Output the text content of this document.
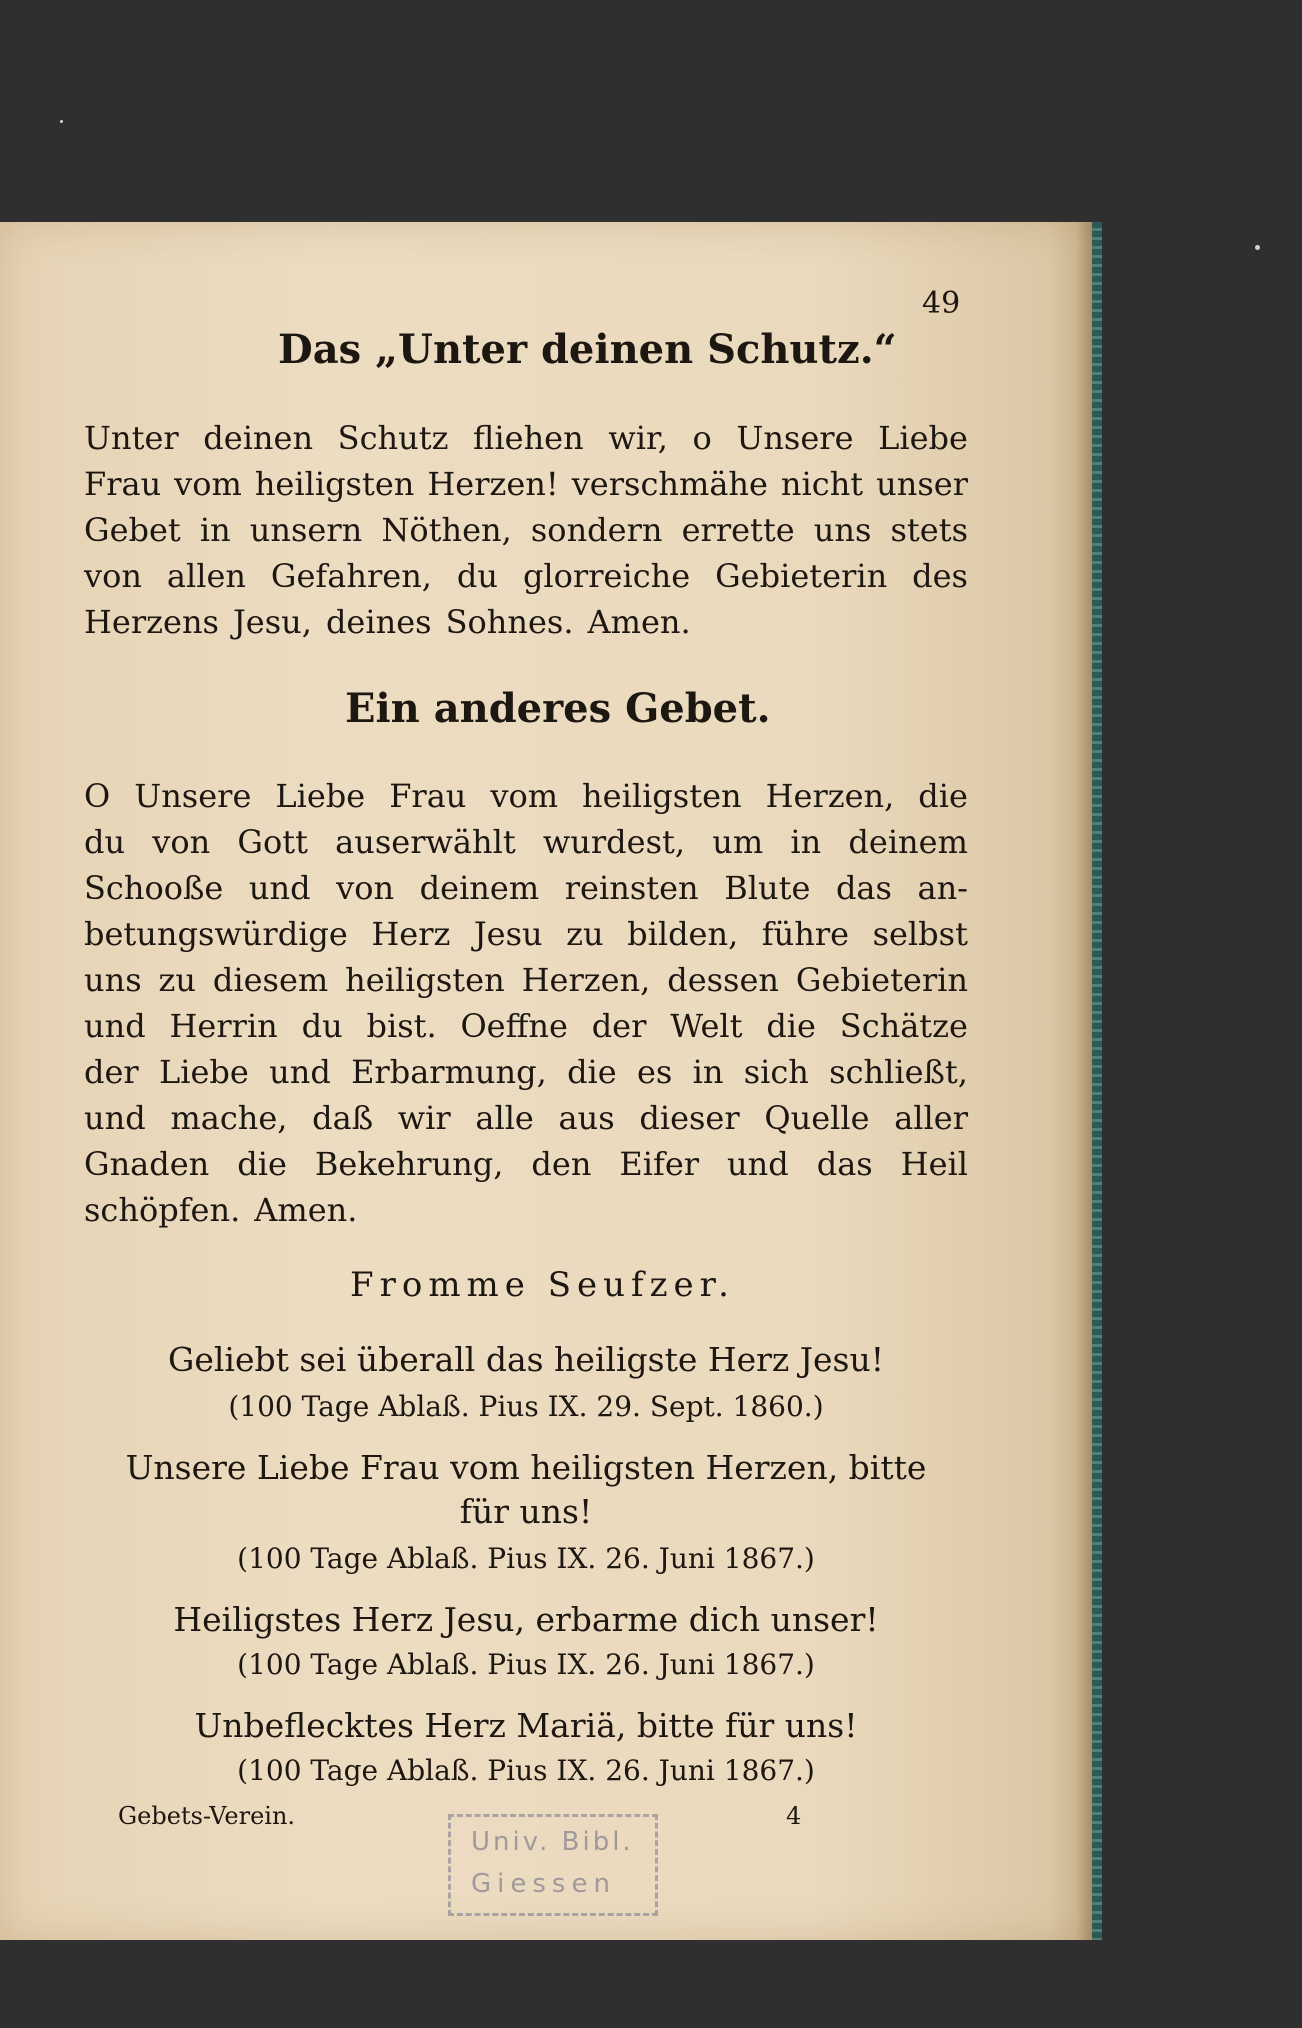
49
Das „Unter deinen Schutz.“
Unter deinen Schutz fliehen wir, o Unsere Liebe
Frau vom heiligsten Herzen! verschmähe nicht unser
Gebet in unsern Nöthen, sondern errette uns stets
von allen Gefahren, du glorreiche Gebieterin des
Herzens Jesu, deines Sohnes. Amen.
Ein anderes Gebet.
O Unsere Liebe Frau vom heiligsten Herzen, die
du von Gott auserwählt wurdest, um in deinem
Schooße und von deinem reinsten Blute das an-
betungswürdige Herz Jesu zu bilden, führe selbst
uns zu diesem heiligsten Herzen, dessen Gebieterin
und Herrin du bist. Oeffne der Welt die Schätze
der Liebe und Erbarmung, die es in sich schließt,
und mache, daß wir alle aus dieser Quelle aller
Gnaden die Bekehrung, den Eifer und das Heil
schöpfen. Amen.
Fromme Seufzer.
Geliebt sei überall das heiligste Herz Jesu!
(100 Tage Ablaß. Pius IX. 29. Sept. 1860.)
Unsere Liebe Frau vom heiligsten Herzen, bitte
für uns!
(100 Tage Ablaß. Pius IX. 26. Juni 1867.)
Heiligstes Herz Jesu, erbarme dich unser!
(100 Tage Ablaß. Pius IX. 26. Juni 1867.)
Unbeflecktes Herz Mariä, bitte für uns!
(100 Tage Ablaß. Pius IX. 26. Juni 1867.)
Gebets-Verein.	4
Univ. Bibl.
Giessen
